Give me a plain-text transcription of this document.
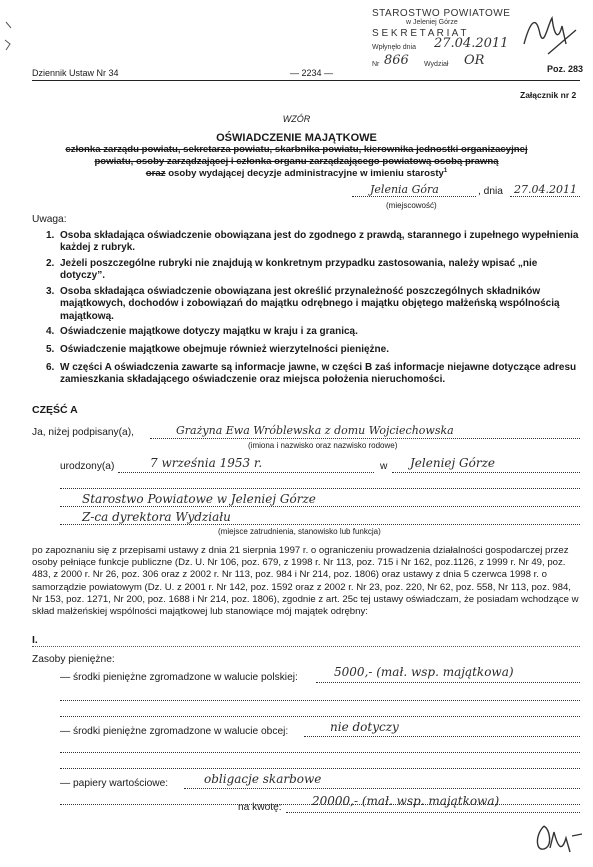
STAROSTWO POWIATOWE
w Jeleniej Górze
S E K R E T A R I A T
Wpłynęło dnia 27.04.2011
Nr 866 Wydział OR
Dziennik Ustaw Nr 34	— 2234 —	Poz. 283
Załącznik nr 2
WZÓR
OŚWIADCZENIE MAJĄTKOWE
członka zarządu powiatu, sekretarza powiatu, skarbnika powiatu, kierownika jednostki organizacyjnej
powiatu, osoby zarządzającej i członka organu zarządzającego powiatową osobą prawną
oraz osoby wydającej decyzje administracyjne w imieniu starosty$^1$
Jelenia Góra	, dnia 27.04.2011
(miejscowość)
Uwaga:
1. Osoba składająca oświadczenie obowiązana jest do zgodnego z prawdą, starannego i zupełnego wypełnienia każdej z rubryk.
2. Jeżeli poszczególne rubryki nie znajdują w konkretnym przypadku zastosowania, należy wpisać „nie dotyczy”.
3. Osoba składająca oświadczenie obowiązana jest określić przynależność poszczególnych składników majątkowych, dochodów i zobowiązań do majątku odrębnego i majątku objętego małżeńską wspólnością majątkową.
4. Oświadczenie majątkowe dotyczy majątku w kraju i za granicą.
5. Oświadczenie majątkowe obejmuje również wierzytelności pieniężne.
6. W części A oświadczenia zawarte są informacje jawne, w części B zaś informacje niejawne dotyczące adresu zamieszkania składającego oświadczenie oraz miejsca położenia nieruchomości.
CZĘŚĆ A
Ja, niżej podpisany(a),	Grażyna Ewa Wróblewska z domu Wojciechowska
(imiona i nazwisko oraz nazwisko rodowe)
urodzony(a)	7 września 1953 r.	w Jeleniej Górze
Starostwo Powiatowe w Jeleniej Górze
Z-ca dyrektora Wydziału
(miejsce zatrudnienia, stanowisko lub funkcja)
po zapoznaniu się z przepisami ustawy z dnia 21 sierpnia 1997 r. o ograniczeniu prowadzenia działalności gospodarczej przez osoby pełniące funkcje publiczne (Dz. U. Nr 106, poz. 679, z 1998 r. Nr 113, poz. 715 i Nr 162, poz.1126, z 1999 r. Nr 49, poz. 483, z 2000 r. Nr 26, poz. 306 oraz z 2002 r. Nr 113, poz. 984 i Nr 214, poz. 1806) oraz ustawy z dnia 5 czerwca 1998 r. o samorządzie powiatowym (Dz. U. z 2001 r. Nr 142, poz. 1592 oraz z 2002 r. Nr 23, poz. 220, Nr 62, poz. 558, Nr 113, poz. 984, Nr 153, poz. 1271, Nr 200, poz. 1688 i Nr 214, poz. 1806), zgodnie z art. 25c tej ustawy oświadczam, że posiadam wchodzące w skład małżeńskiej wspólności majątkowej lub stanowiące mój majątek odrębny:
I.
Zasoby pieniężne:
— środki pieniężne zgromadzone w walucie polskiej:	5000,- (mał. wsp. majątkowa)
— środki pieniężne zgromadzone w walucie obcej:	nie dotyczy
— papiery wartościowe:	obligacje skarbowe
na kwotę:	20000,- (mał. wsp. majątkowa)
